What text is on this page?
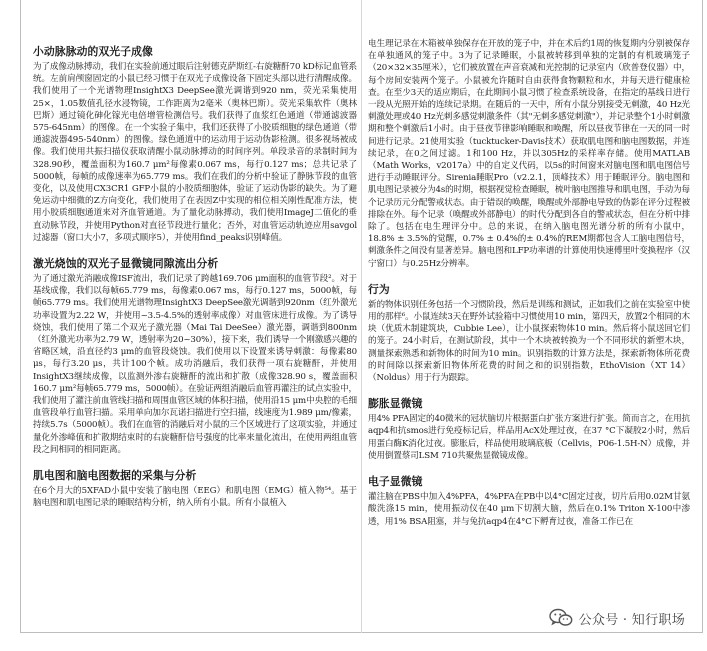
小动脉脉动的双光子成像

为了成像动脉搏动，我们在实验前通过眼后注射德克萨斯红-右旋糖酐70 kD标记血管系统。左前肩颅窗固定的小鼠已经习惯于在双光子成像设备下固定头部以进行清醒成像。我们使用了一个光谱物理InsightX3 DeepSee激光调谐到920 nm，荧光采集使用25×，1.05数值孔径水浸物镜，工作距离为2毫米（奥林巴斯）。荧光采集软件（奥林巴斯）通过镜化砷化镓光电倍增管检测信号。我们获得了血浆红色通道（带通滤波器575-645nm）的图像。在一个实验子集中，我们还获得了小胶质细胞的绿色通道（带通滤波器495-540nm）的图像。绿色通道中的运动用于运动伪影检测。很多视场被成像。我们使用共振扫描仪获取清醒小鼠动脉搏动的时间序列。单段录音的录制时间为328.90秒，覆盖面积为160.7 μm²每像素0.067 ms，每行0.127 ms；总共记录了5000帧，每帧的成像速率为65.779 ms。我们在我们的分析中验证了静脉节段的血管变化，以及使用CX3CR1 GFP小鼠的小胶质细胞体，验证了运动伪影的缺失。为了避免运动中细微的Z方向变化，我们使用了在表因Z中实现的相位相关刚性配准方法，使用小胶质细胞通道来对齐血管通道。为了量化动脉搏动，我们使用ImageJ二值化的垂直动脉节段，并使用Python对直径节段进行量化；否外，对血管运动轨迹应用savgol过滤器（窗口大小7，多项式顺序5），并使用find_peaks识别峰值。

激光烧蚀的双光子显微镜同隙流出分析

为了通过激光消融成像ISF流出，我们记录了跨越169.706 μm面积的血管节段²。对于基线成像，我们以每帧65.779 ms，每像素0.067 ms，每行0.127 ms，5000帧，每帧65.779 ms。我们使用光谱物理InsightX3 DeepSee激光调谐到920nm（红外激光功率设置为2.22 W，并使用~3.5-4.5%的透射率成像）对血管床进行成像。为了诱导烧蚀，我们使用了第二个双光子激光器（Mai Tai DeeSee）激光器，调谐到800nm（红外激光功率为2.79 W，透射率为20~30%），接下来，我们诱导一个刚激感兴趣的省略区域，沿直径约3 μm的血管段烧蚀。我们使用以下设置来诱导刺激：每像素80 μs，每行3.20 μs，共计100个帧。成功消融后，我们获得一项右旋糖酐，并使用InsightX3继续成像，以监测外渗右旋糖酐的流出和扩散（成像328.90 s，覆盖面积160.7 μm²每帧65.779 ms，5000帧）。在验证两组消融后血管再灌注的试点实验中，我们使用了灌注前血管线扫描和周围血管区域的体积扫描，使用沿15 μm中央腔的毛细血管段单行血管扫描。采用单向加尔瓦诺扫描进行空扫描，线速度为1.989 μm/像素，持续5.7s（5000帧）。我们在血管的消融后对小鼠的三个区域进行了这项实验，并通过量化外渗峰值和扩散期结束时的右旋糖酐信号强度的比率来量化流出，在使用两组血管段之间相同的相同距离。

肌电图和脑电图数据的采集与分析

在6个月大的5XFAD小鼠中安装了脑电图（EEG）和肌电图（EMG）植入物⁵⁴。基于脑电图和肌电图记录的睡眠结构分析，纳入所有小鼠。所有小鼠植入

电生理记录在木箱被单独保存在开放的笼子中，并在术后约1周的恢复期内分别被保存在单独通风的笼子中。3为了记录睡眠，小鼠被转移到单独的定制的有机玻璃笼子（20×32×35厘米），它们被放置在声音衰减和光控制的记录室内（欣普登仪器）中，每个房间安装两个笼子。小鼠被允许随时自由获得食物颗粒和水，并每天进行健康检查。在至少3天的适应期后，在此期间小鼠习惯了检查系统设备，在指定的基线日进行一段从光照开始的连续记录期。在随后的一天中，所有小鼠分别接受无刺激，40 Hz光刺激处理或40 Hz光刺多感觉刺激条件（其"无刺多感觉刺激"），并记录整个1小时刺激期和整个刺激后1小时。由于昼夜节律影响睡眠和唤醒，所以昼夜节律在一天的同一时间进行记录。21使用实验（tucktucker-Davis技术）获取肌电图和脑电图数据，并连续记录，在0之间过滤。1和100 Hz，并以305Hz的采样率存储。使用MATLAB（Math Works，v2017a）中的自定义代码，以5s的时间窗来对脑电图和肌电图信号进行手动睡眠评分。Sirenia睡眠Pro（v2.2.1，顶峰技术）用于睡眠评分。脑电图和肌电图记录被分为4s的时期，根据视觉检查睡眠，梳叶脑电图推导和肌电图，手动为每个记录历元分配警戒状态。由于错误的唤醒，唤醒或外部静电导致的伪影在评分过程被排除在外。每个记录（唤醒或外部静电）的时代分配到各自的警戒状态，但在分析中排除了。包括在电生理评分中。总的来说，在纳入脑电图光谱分析的所有小鼠中，18.8% ± 3.5%的觉醒，0.7% ± 0.4%的± 0.4%的REM期都包含人工脑电图信号，刺激条件之间没有显著差异。脑电图和LFP功率谱的计算使用快速傅里叶变换程序（汉宁窗口）与0.25Hz分辨率。

行为

新的物体识别任务包括一个习惯阶段，然后是训练和测试，正如我们之前在实验室中使用的那样⁶。小鼠连续3天在野外试验箱中习惯使用10 min，第四天，放置2个相同的木块（优质木制建筑块，Cubbie Lee），让小鼠探索物体10 min。然后将小鼠送回它们的笼子。24小时后，在测试阶段，其中一个木块被转换为一个不同形状的新塑木块，测量探索熟悉和新物体的时间为10 min。识别指数的计算方法是，探索新物体所花费的时间除以探索新旧物体所花费的时间之和的识别指数，EthoVision（XT 14）（Noldus）用于行为跟踪。

膨胀显微镜

用4% PFA固定的40微米的冠状脑切片根据蛋白扩张方案进行扩张。简而言之，在用抗aqp4和抗smos进行免疫标记后，样品用AcX处理过夜，在37 °C下凝胶2小时，然后用蛋白酶K消化过夜。膨胀后，样品使用玻璃底板（Cellvis，P06-1.5H-N）成像，并使用倒置蔡司LSM 710共聚焦显微镜成像。

电子显微镜

灌注脑在PBS中加入4%PFA，4%PFA在PB中以4°C固定过夜，切片后用0.02M甘氨酸洗涤15 min，使用振动仪在40 μm下切割大脑，然后在0.1% Triton X-100中渗透，用1% BSA阻塞，并与兔抗aqp4在4°C下孵育过夜，准备工作已在

公众号 · 知行职场
